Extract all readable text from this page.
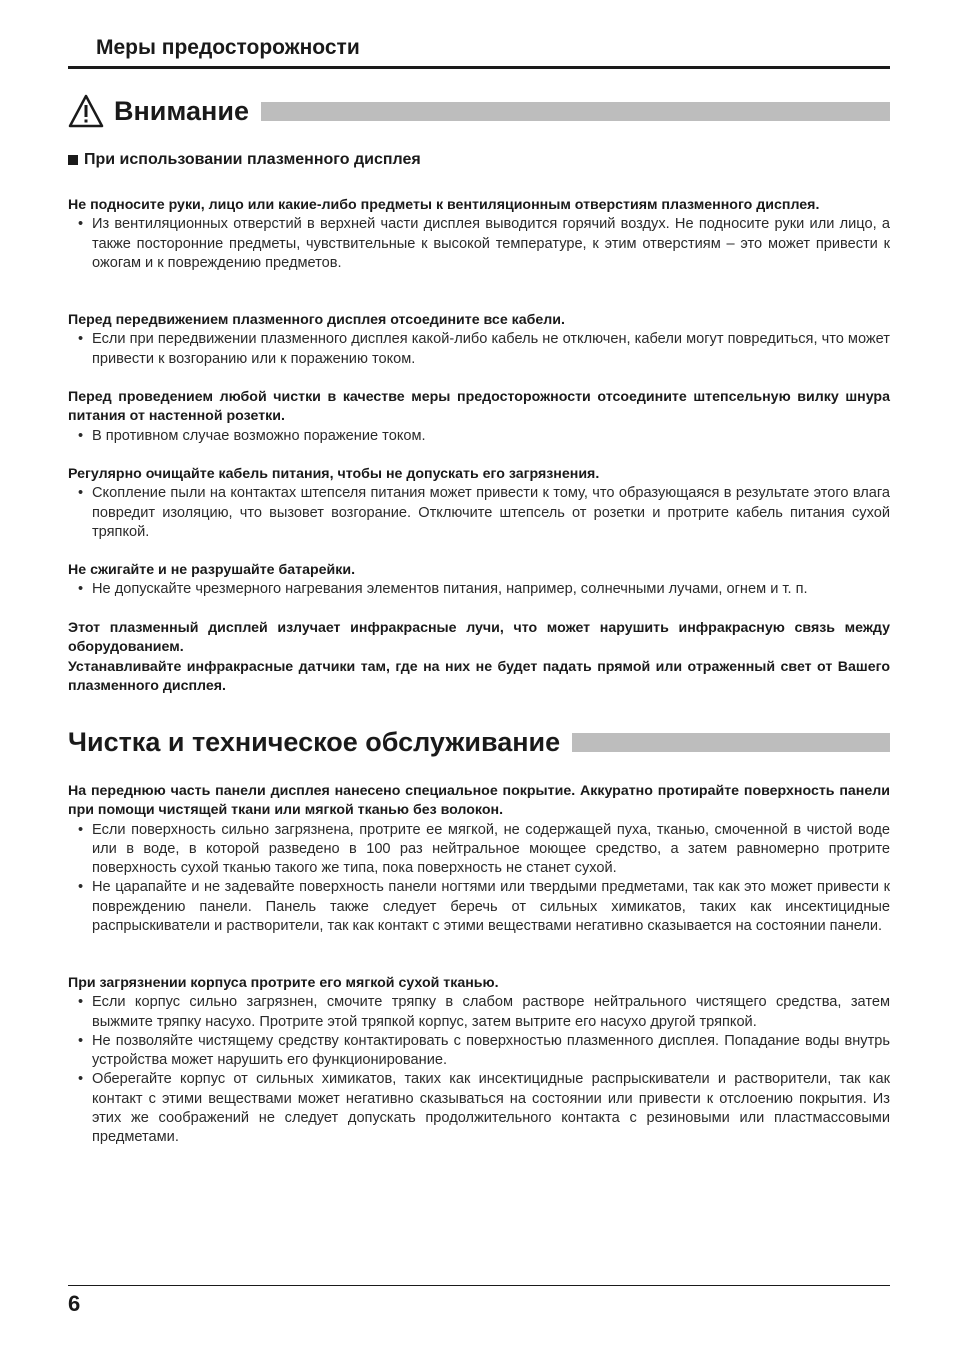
Меры предосторожности
Внимание
При использовании плазменного дисплея
Не подносите руки, лицо или какие-либо предметы к вентиляционным отверстиям плазменного дисплея.
• Из вентиляционных отверстий в верхней части дисплея выводится горячий воздух. Не подносите руки или лицо, а также посторонние предметы, чувствительные к высокой температуре, к этим отверстиям – это может привести к ожогам и к повреждению предметов.
Перед передвижением плазменного дисплея отсоедините все кабели.
• Если при передвижении плазменного дисплея какой-либо кабель не отключен, кабели могут повредиться, что может привести к возгоранию или к поражению током.
Перед проведением любой чистки в качестве меры предосторожности отсоедините штепсельную вилку шнура питания от настенной розетки.
• В противном случае возможно поражение током.
Регулярно очищайте кабель питания, чтобы не допускать его загрязнения.
• Скопление пыли на контактах штепселя питания может привести к тому, что образующаяся в результате этого влага повредит изоляцию, что вызовет возгорание. Отключите штепсель от розетки и протрите кабель питания сухой тряпкой.
Не сжигайте и не разрушайте батарейки.
• Не допускайте чрезмерного нагревания элементов питания, например, солнечными лучами, огнем и т. п.
Этот плазменный дисплей излучает инфракрасные лучи, что может нарушить инфракрасную связь между оборудованием.
Устанавливайте инфракрасные датчики там, где на них не будет падать прямой или отраженный свет от Вашего плазменного дисплея.
Чистка и техническое обслуживание
На переднюю часть панели дисплея нанесено специальное покрытие. Аккуратно протирайте поверхность панели при помощи чистящей ткани или мягкой тканью без волокон.
• Если поверхность сильно загрязнена, протрите ее мягкой, не содержащей пуха, тканью, смоченной в чистой воде или в воде, в которой разведено в 100 раз нейтральное моющее средство, а затем равномерно протрите поверхность сухой тканью такого же типа, пока поверхность не станет сухой.
• Не царапайте и не задевайте поверхность панели ногтями или твердыми предметами, так как это может привести к повреждению панели. Панель также следует беречь от сильных химикатов, таких как инсектицидные распрыскиватели и растворители, так как контакт с этими веществами негативно сказывается на состоянии панели.
При загрязнении корпуса протрите его мягкой сухой тканью.
• Если корпус сильно загрязнен, смочите тряпку в слабом растворе нейтрального чистящего средства, затем выжмите тряпку насухо. Протрите этой тряпкой корпус, затем вытрите его насухо другой тряпкой.
• Не позволяйте чистящему средству контактировать с поверхностью плазменного дисплея. Попадание воды внутрь устройства может нарушить его функционирование.
• Оберегайте корпус от сильных химикатов, таких как инсектицидные распрыскиватели и растворители, так как контакт с этими веществами может негативно сказываться на состоянии или привести к отслоению покрытия. Из этих же соображений не следует допускать продолжительного контакта с резиновыми или пластмассовыми предметами.
6
